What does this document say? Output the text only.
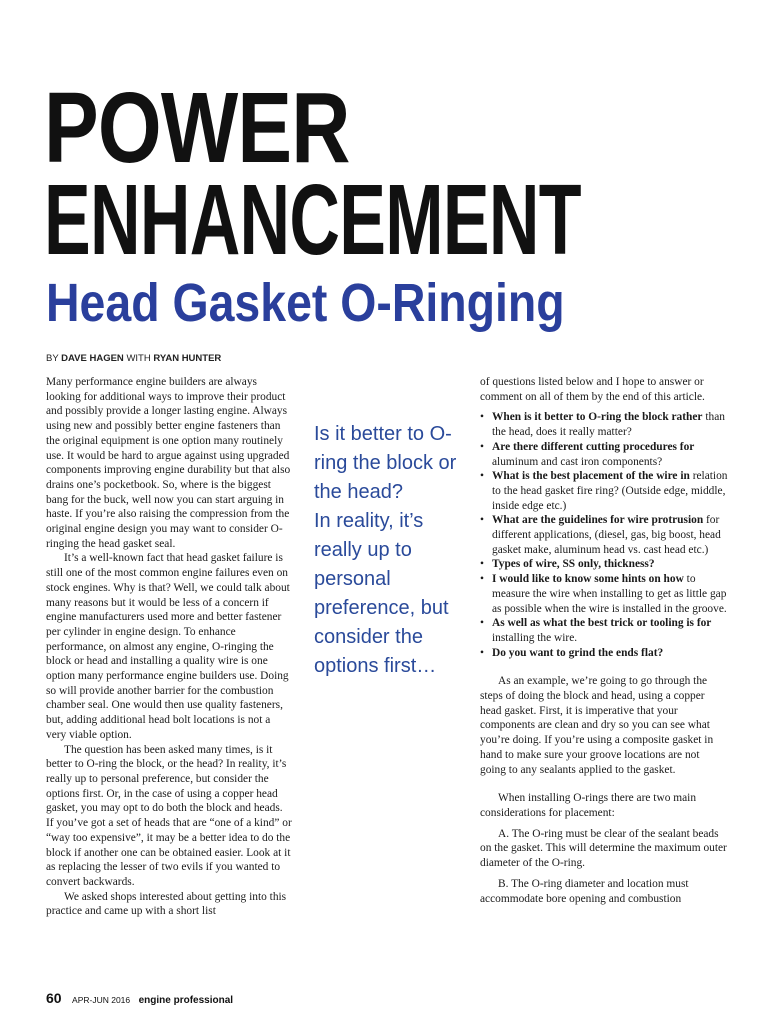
POWER
ENHANCEMENT
Head Gasket O-Ringing
BY DAVE HAGEN WITH RYAN HUNTER

Many performance engine builders are always looking for additional ways to improve their product and possibly provide a longer lasting engine. Always using new and possibly better engine fasteners than the original equipment is one option many routinely use. It would be hard to argue against using upgraded components improving engine durability but that also drains one’s pocketbook. So, where is the biggest bang for the buck, well now you can start arguing in haste. If you’re also raising the compression from the original engine design you may want to consider O-ringing the head gasket seal.

It’s a well-known fact that head gasket failure is still one of the most common engine failures even on stock engines. Why is that? Well, we could talk about many reasons but it would be less of a concern if engine manufacturers used more and better fastener per cylinder in engine design. To enhance performance, on almost any engine, O-ringing the block or head and installing a quality wire is one option many performance engine builders use. Doing so will provide another barrier for the combustion chamber seal. One would then use quality fasteners, but, adding additional head bolt locations is not a very viable option.

The question has been asked many times, is it better to O-ring the block, or the head? In reality, it’s really up to personal preference, but consider the options first. Or, in the case of using a copper head gasket, you may opt to do both the block and heads. If you’ve got a set of heads that are “one of a kind” or “way too expensive”, it may be a better idea to do the block if another one can be obtained easier. Look at it as replacing the lesser of two evils if you wanted to convert backwards.

We asked shops interested about getting into this practice and came up with a short list

Is it better to O-ring the block or the head?

In reality, it’s really up to personal preference, but consider the options first…

of questions listed below and I hope to answer or comment on all of them by the end of this article.

• When is it better to O-ring the block rather than the head, does it really matter?
• Are there different cutting procedures for aluminum and cast iron components?
• What is the best placement of the wire in relation to the head gasket fire ring? (Outside edge, middle, inside edge etc.)
• What are the guidelines for wire protrusion for different applications, (diesel, gas, big boost, head gasket make, aluminum head vs. cast head etc.)
• Types of wire, SS only, thickness?
• I would like to know some hints on how to measure the wire when installing to get as little gap as possible when the wire is installed in the groove.
• As well as what the best trick or tooling is for installing the wire.
• Do you want to grind the ends flat?

As an example, we’re going to go through the steps of doing the block and head, using a copper head gasket. First, it is imperative that your components are clean and dry so you can see what you’re doing. If you’re using a composite gasket in hand to make sure your groove locations are not going to any sealants applied to the gasket.

When installing O-rings there are two main considerations for placement:

A. The O-ring must be clear of the sealant beads on the gasket. This will determine the maximum outer diameter of the O-ring.

B. The O-ring diameter and location must accommodate bore opening and combustion

60 APR-JUN 2016 engine professional
